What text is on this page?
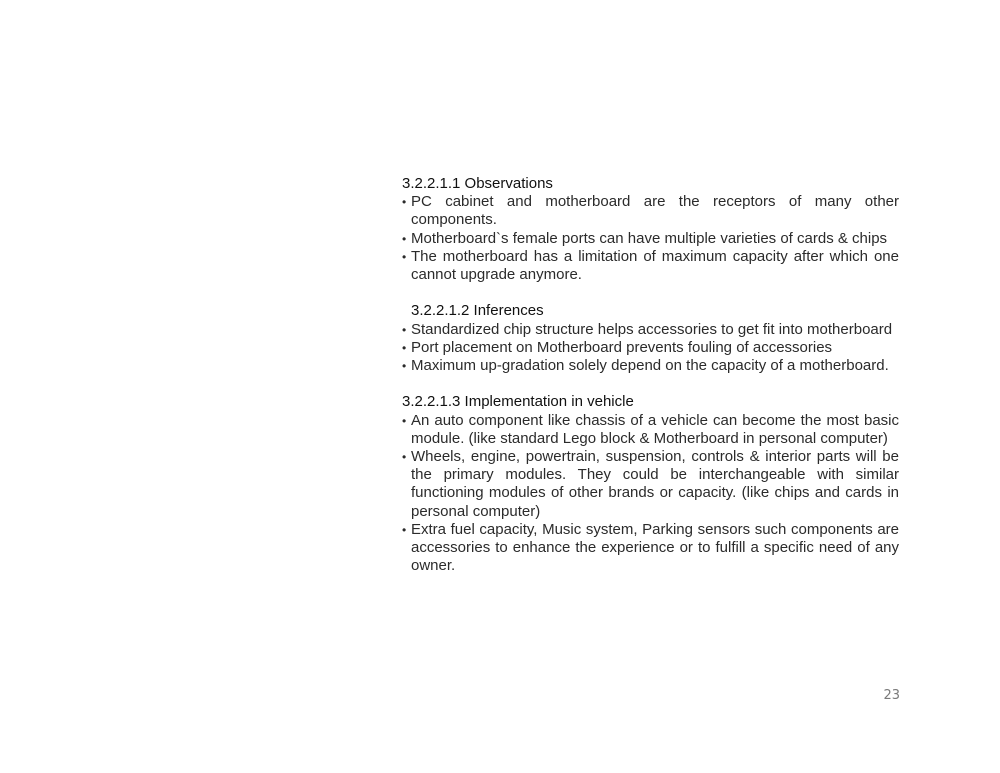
3.2.2.1.1 Observations

• PC cabinet and motherboard are the receptors of many other components.
• Motherboard`s female ports can have multiple varieties of cards & chips
• The motherboard has a limitation of maximum capacity after which one cannot upgrade anymore.

3.2.2.1.2 Inferences

• Standardized chip structure helps accessories to get fit into motherboard
• Port placement on Motherboard prevents fouling of accessories
• Maximum up-gradation solely depend on the capacity of a motherboard.

3.2.2.1.3 Implementation in vehicle

• An auto component like chassis of a vehicle can become the most basic module. (like standard Lego block & Motherboard in personal computer)
• Wheels, engine, powertrain, suspension, controls & interior parts will be the primary modules. They could be interchangeable with similar functioning modules of other brands or capacity. (like chips and cards in personal computer)
• Extra fuel capacity, Music system, Parking sensors such components are accessories to enhance the experience or to fulfill a specific need of any owner.
23
